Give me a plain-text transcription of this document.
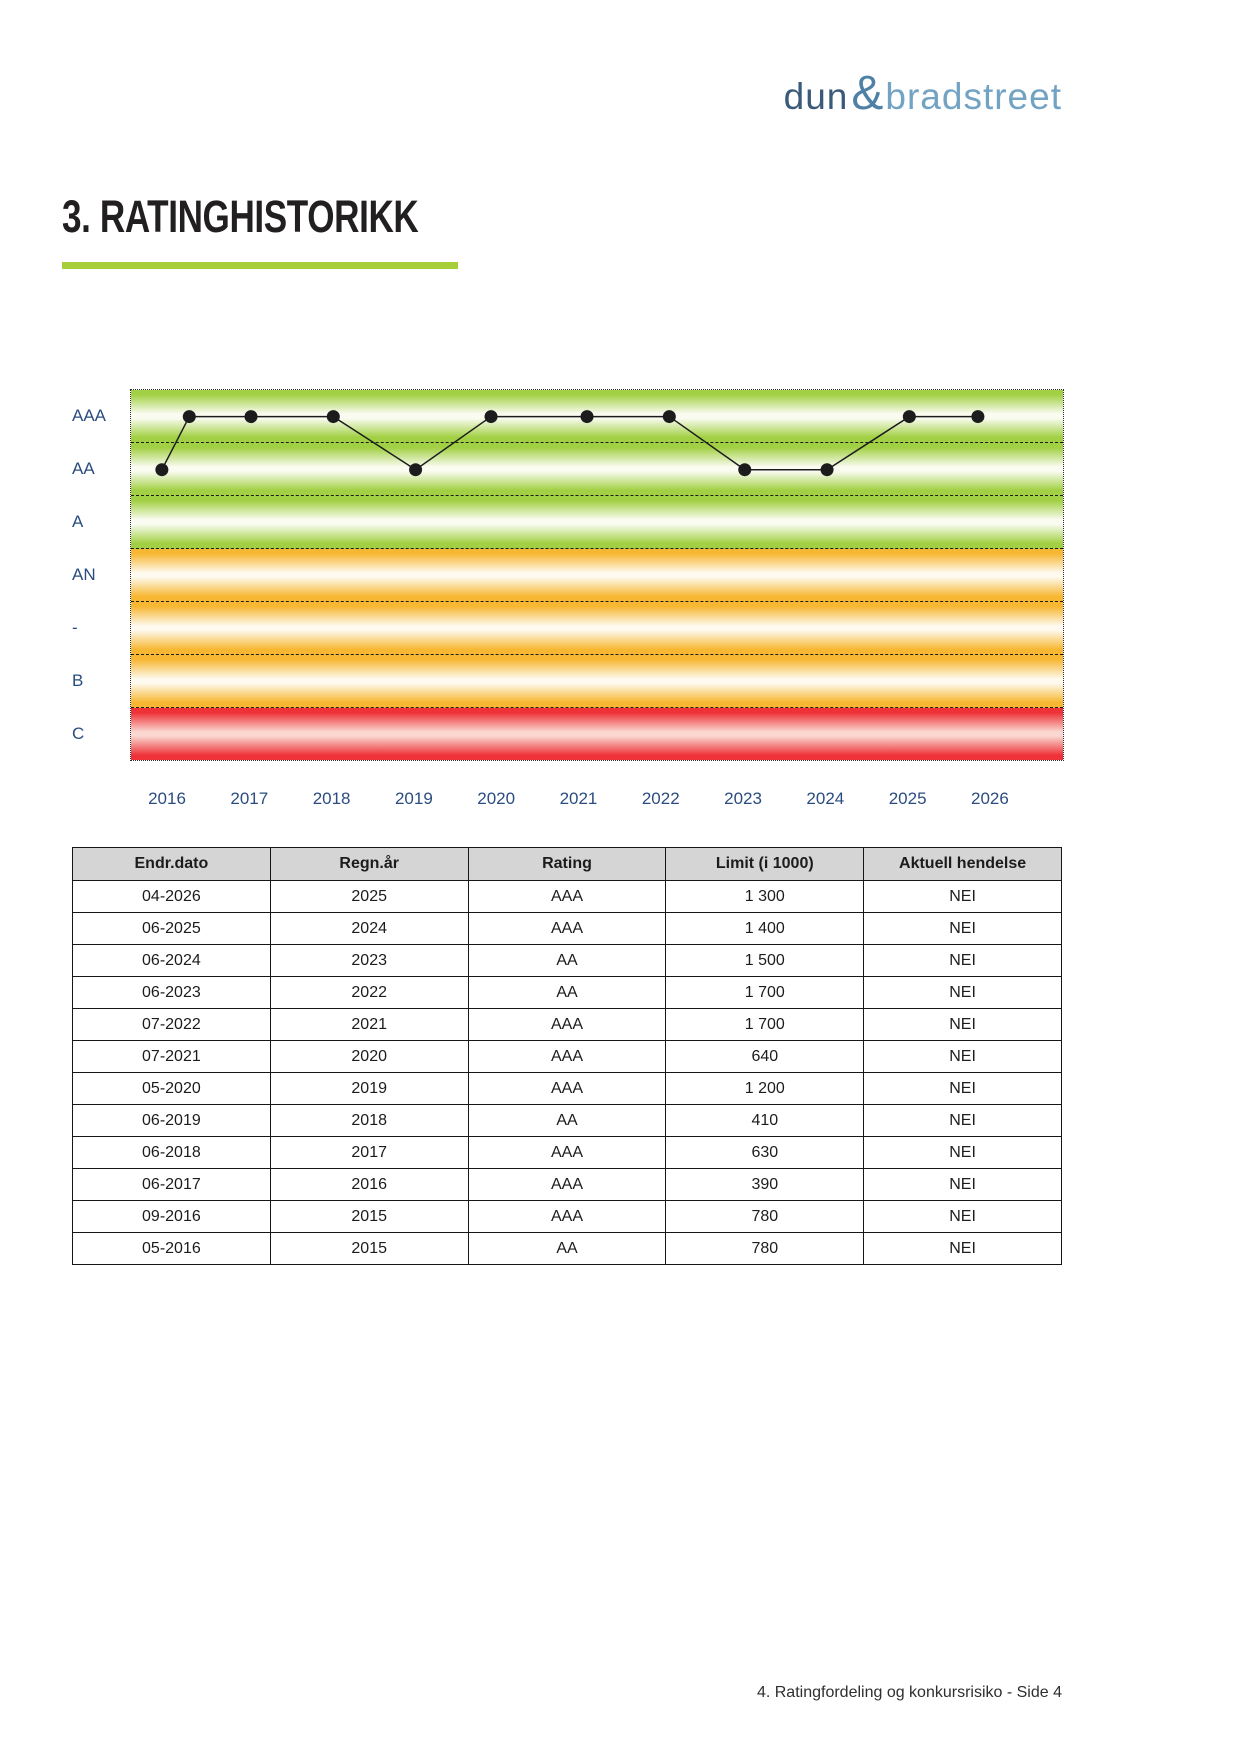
dun & bradstreet
3. RATINGHISTORIKK
AAA
AA
A
AN
-
B
C
2016	2017	2018	2019	2020	2021	2022	2023	2024	2025	2026
Endr.dato	Regn.år	Rating	Limit (i 1000)	Aktuell hendelse
04-2026	2025	AAA	1 300	NEI
06-2025	2024	AAA	1 400	NEI
06-2024	2023	AA	1 500	NEI
06-2023	2022	AA	1 700	NEI
07-2022	2021	AAA	1 700	NEI
07-2021	2020	AAA	640	NEI
05-2020	2019	AAA	1 200	NEI
06-2019	2018	AA	410	NEI
06-2018	2017	AAA	630	NEI
06-2017	2016	AAA	390	NEI
09-2016	2015	AAA	780	NEI
05-2016	2015	AA	780	NEI
4. Ratingfordeling og konkursrisiko - Side 4
